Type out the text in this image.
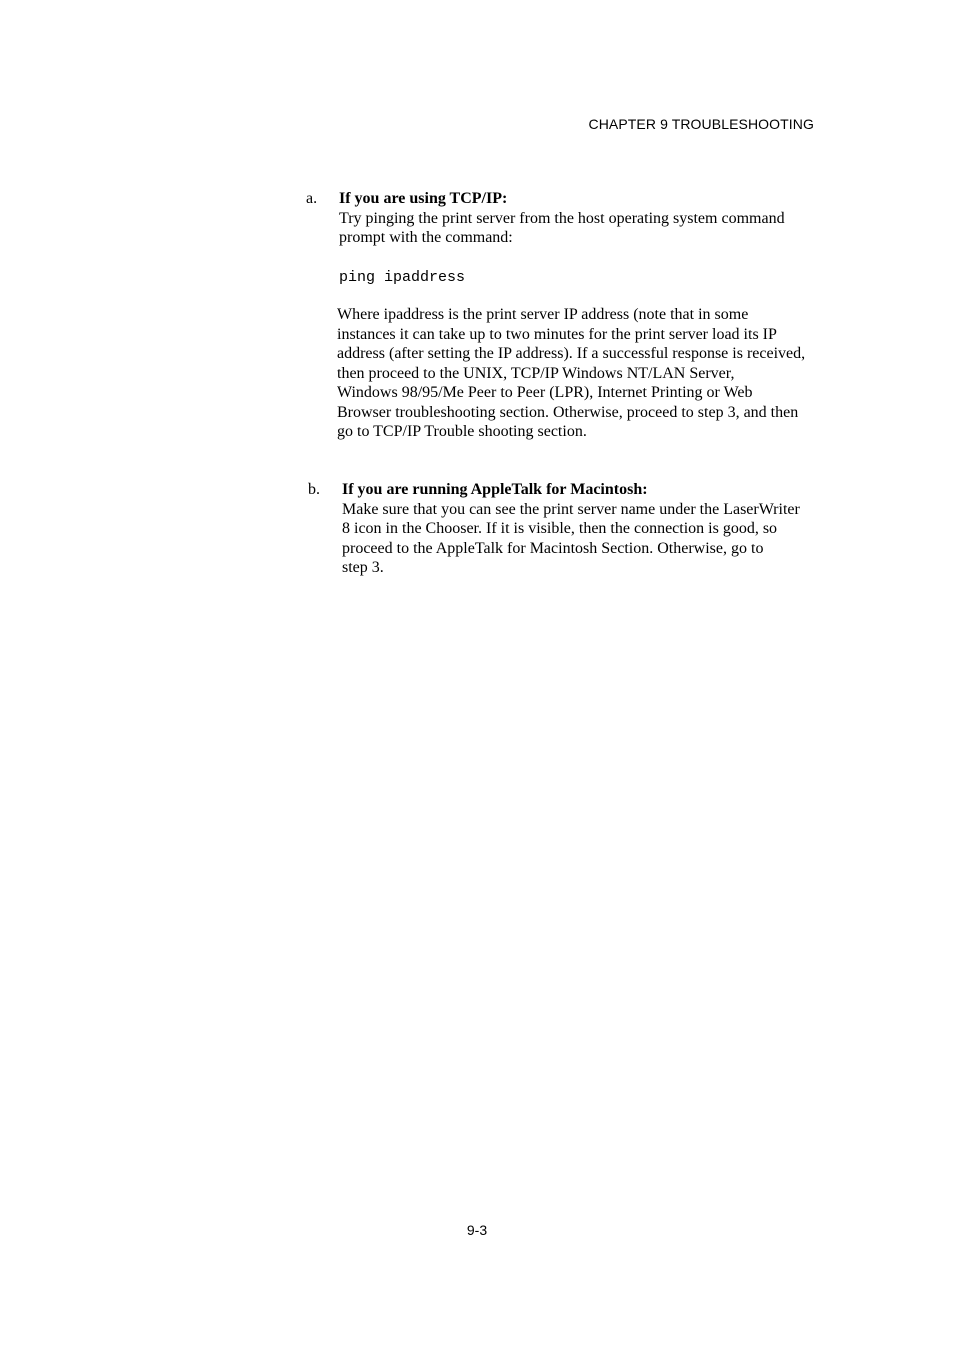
CHAPTER 9 TROUBLESHOOTING
a. If you are using TCP/IP:
Try pinging the print server from the host operating system command
prompt with the command:
ping ipaddress
Where ipaddress is the print server IP address (note that in some
instances it can take up to two minutes for the print server load its IP
address (after setting the IP address). If a successful response is received,
then proceed to the UNIX, TCP/IP Windows NT/LAN Server,
Windows 98/95/Me Peer to Peer (LPR), Internet Printing or Web
Browser troubleshooting section. Otherwise, proceed to step 3, and then
go to TCP/IP Trouble shooting section.
b. If you are running AppleTalk for Macintosh:
Make sure that you can see the print server name under the LaserWriter
8 icon in the Chooser. If it is visible, then the connection is good, so
proceed to the AppleTalk for Macintosh Section. Otherwise, go to
step 3.
9-3
